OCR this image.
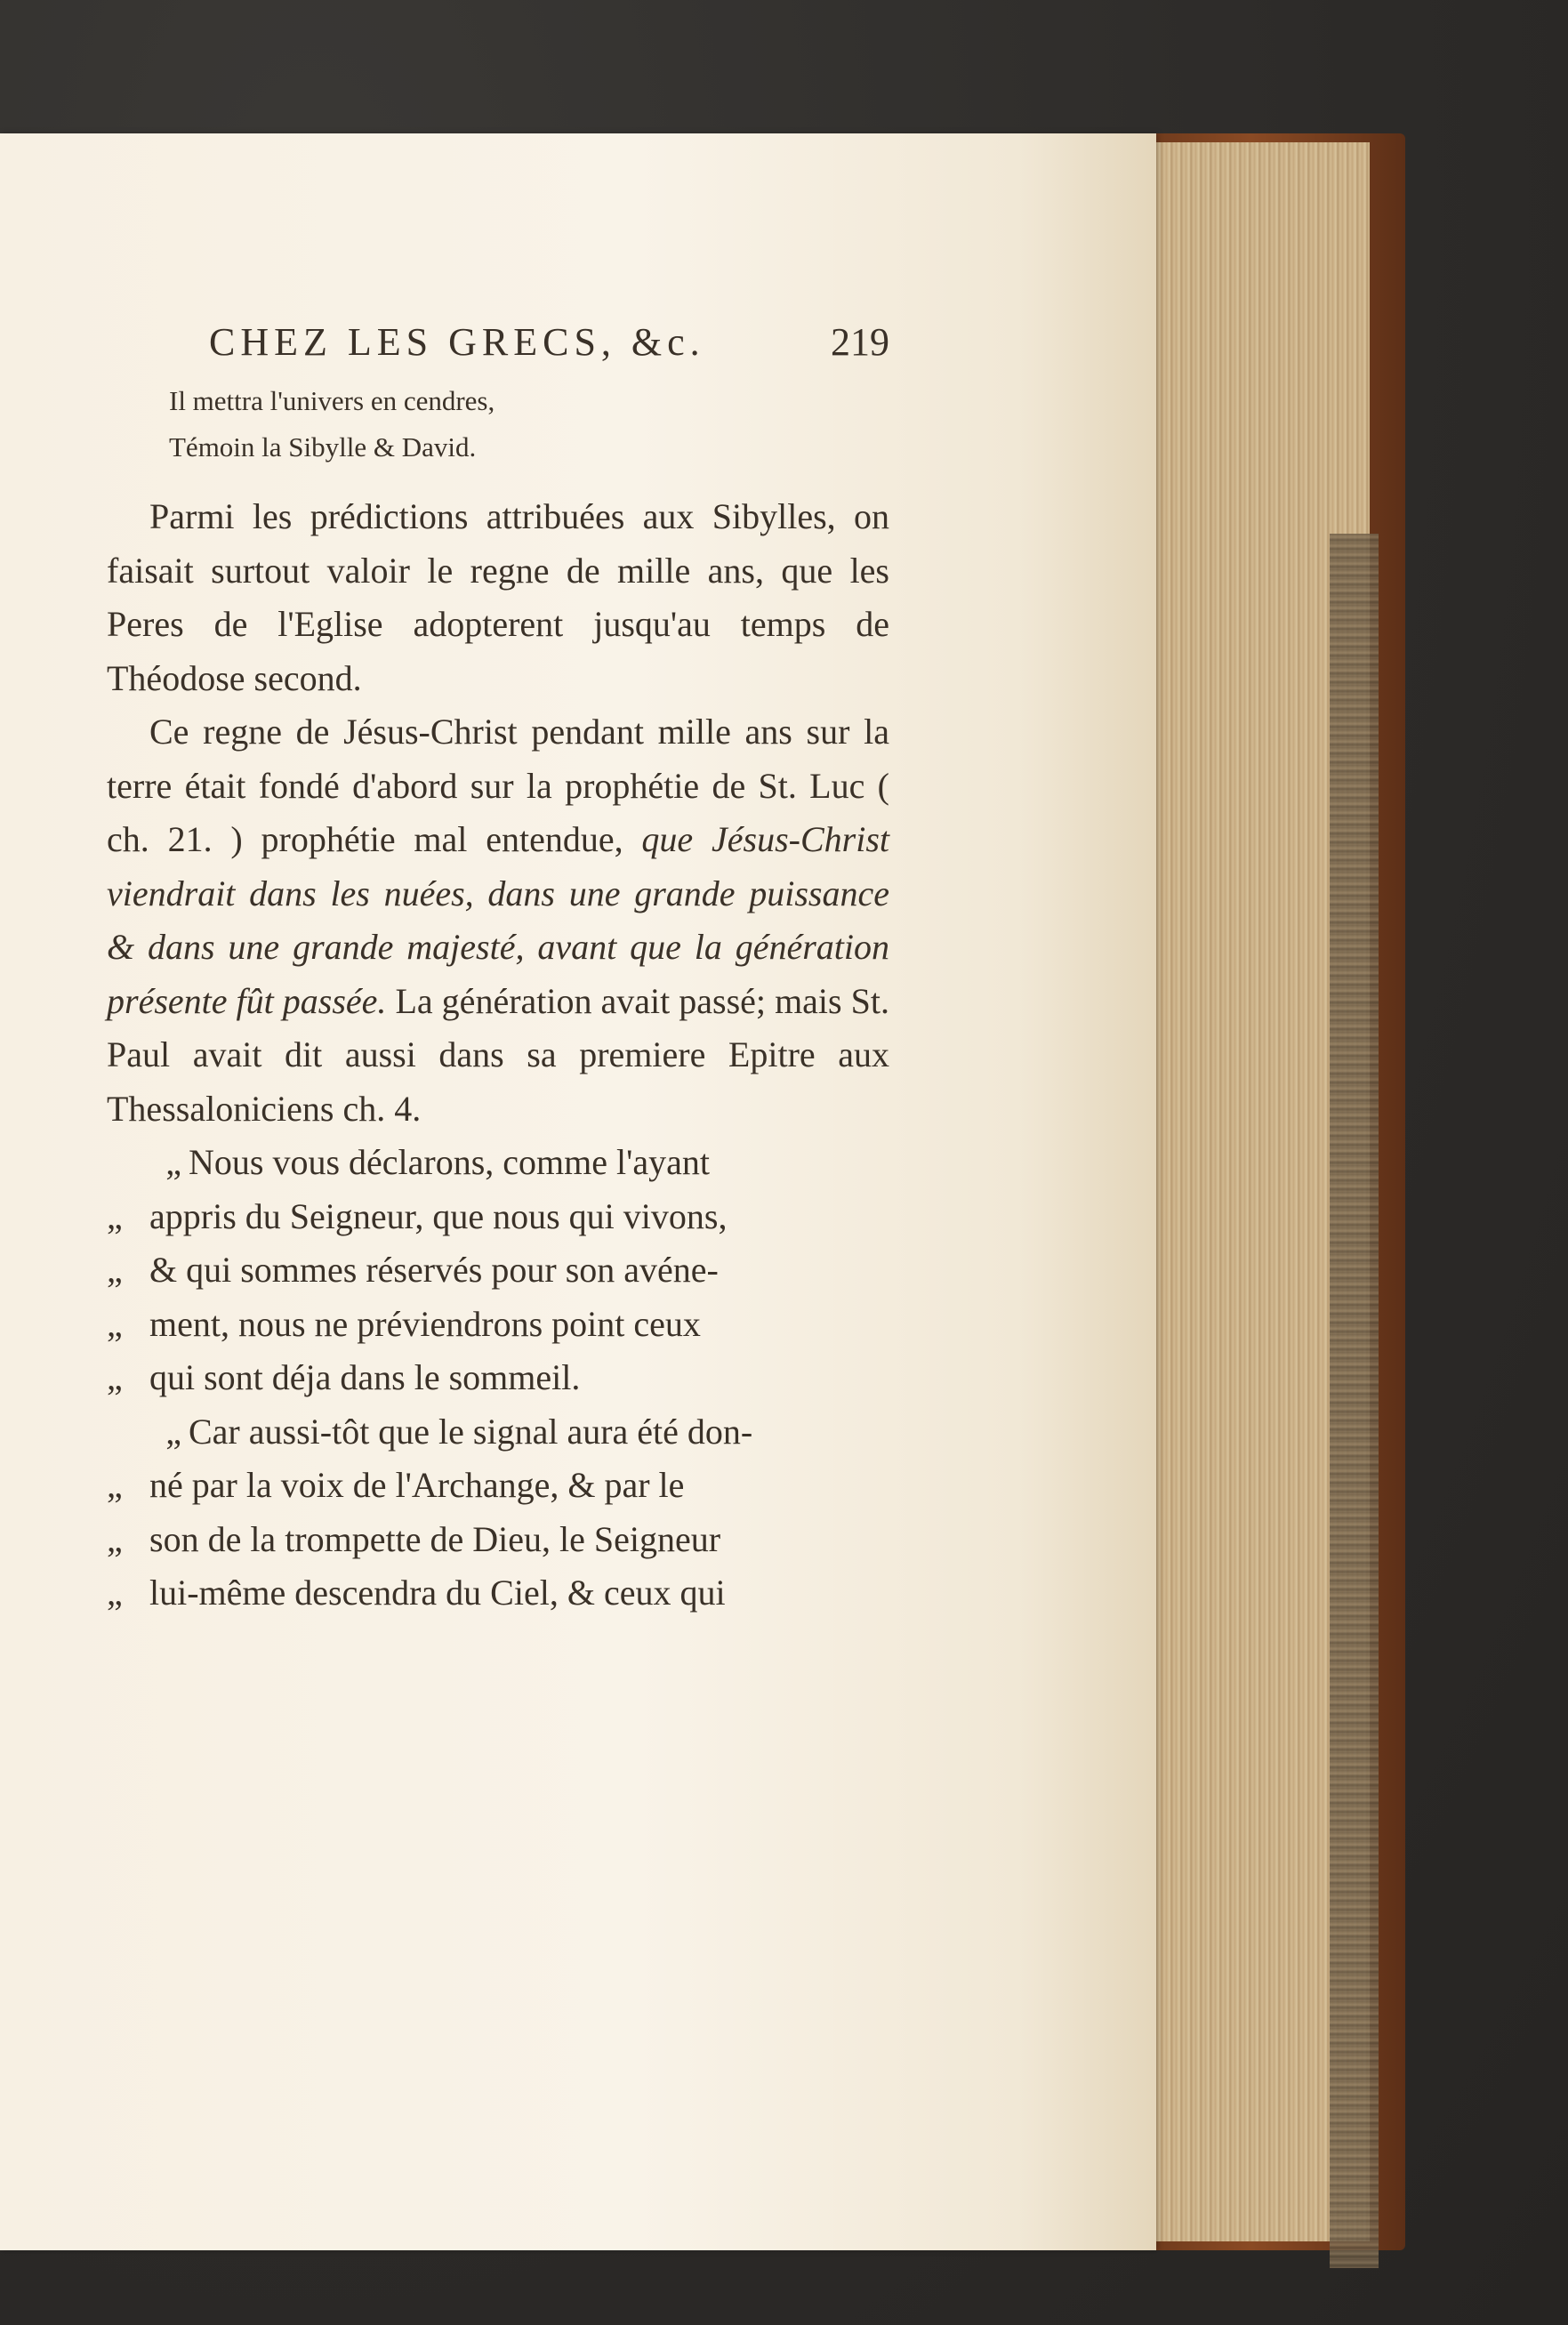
CHEZ LES GRECS, &c.	219
Il mettra l'univers en cendres,
Témoin la Sibylle & David.

Parmi les prédictions attribuées aux Sibylles, on faisait surtout valoir le regne de mille ans, que les Peres de l'Eglise adopterent jusqu'au temps de Théodose second.

Ce regne de Jésus-Christ pendant mille ans sur la terre était fondé d'abord sur la prophétie de St. Luc ( ch. 21. ) prophétie mal entendue, que Jésus-Christ viendrait dans les nuées, dans une grande puissance & dans une grande majesté, avant que la génération présente fût passée. La génération avait passé; mais St. Paul avait dit aussi dans sa premiere Epitre aux Thessaloniciens ch. 4.

„ Nous vous déclarons, comme l'ayant
„ appris du Seigneur, que nous qui vivons,
„ & qui sommes réservés pour son avéne-
„ ment, nous ne préviendrons point ceux
„ qui sont déja dans le sommeil.
„ Car aussi-tôt que le signal aura été don-
„ né par la voix de l'Archange, & par le
„ son de la trompette de Dieu, le Seigneur
„ lui-même descendra du Ciel, & ceux qui
